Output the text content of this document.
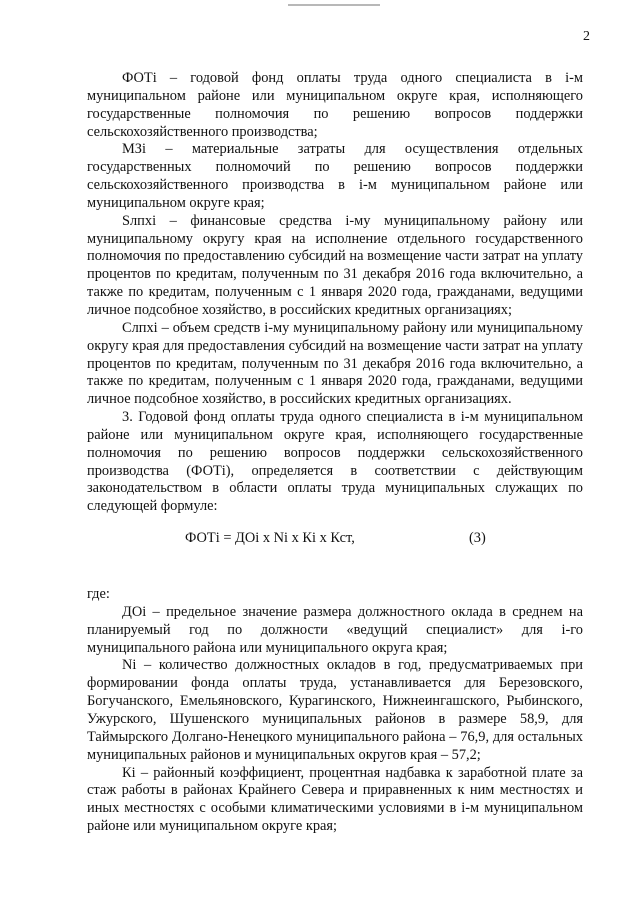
2

ФОТi – годовой фонд оплаты труда одного специалиста в i-м муниципальном районе или муниципальном округе края, исполняющего государственные полномочия по решению вопросов поддержки сельскохозяйственного производства;

МЗi – материальные затраты для осуществления отдельных государственных полномочий по решению вопросов поддержки сельскохозяйственного производства в i-м муниципальном районе или муниципальном округе края;

Sлпхi – финансовые средства i-му муниципальному району или муниципальному округу края на исполнение отдельного государственного полномочия по предоставлению субсидий на возмещение части затрат на уплату процентов по кредитам, полученным по 31 декабря 2016 года включительно, а также по кредитам, полученным с 1 января 2020 года, гражданами, ведущими личное подсобное хозяйство, в российских кредитных организациях;

Слпхi – объем средств i-му муниципальному району или муниципальному округу края для предоставления субсидий на возмещение части затрат на уплату процентов по кредитам, полученным по 31 декабря 2016 года включительно, а также по кредитам, полученным с 1 января 2020 года, гражданами, ведущими личное подсобное хозяйство, в российских кредитных организациях.

3. Годовой фонд оплаты труда одного специалиста в i-м муниципальном районе или муниципальном округе края, исполняющего государственные полномочия по решению вопросов поддержки сельскохозяйственного производства (ФОТi), определяется в соответствии с действующим законодательством в области оплаты труда муниципальных служащих по следующей формуле:

ФОТi = ДОi х Ni х Кi х Кст,	(3)

где:

ДОi – предельное значение размера должностного оклада в среднем на планируемый год по должности «ведущий специалист» для i-го муниципального района или муниципального округа края;

Ni – количество должностных окладов в год, предусматриваемых при формировании фонда оплаты труда, устанавливается для Березовского, Богучанского, Емельяновского, Курагинского, Нижнеингашского, Рыбинского, Ужурского, Шушенского муниципальных районов в размере 58,9, для Таймырского Долгано-Ненецкого муниципального района – 76,9, для остальных муниципальных районов и муниципальных округов края – 57,2;

Кi – районный коэффициент, процентная надбавка к заработной плате за стаж работы в районах Крайнего Севера и приравненных к ним местностях и иных местностях с особыми климатическими условиями в i-м муниципальном районе или муниципальном округе края;
